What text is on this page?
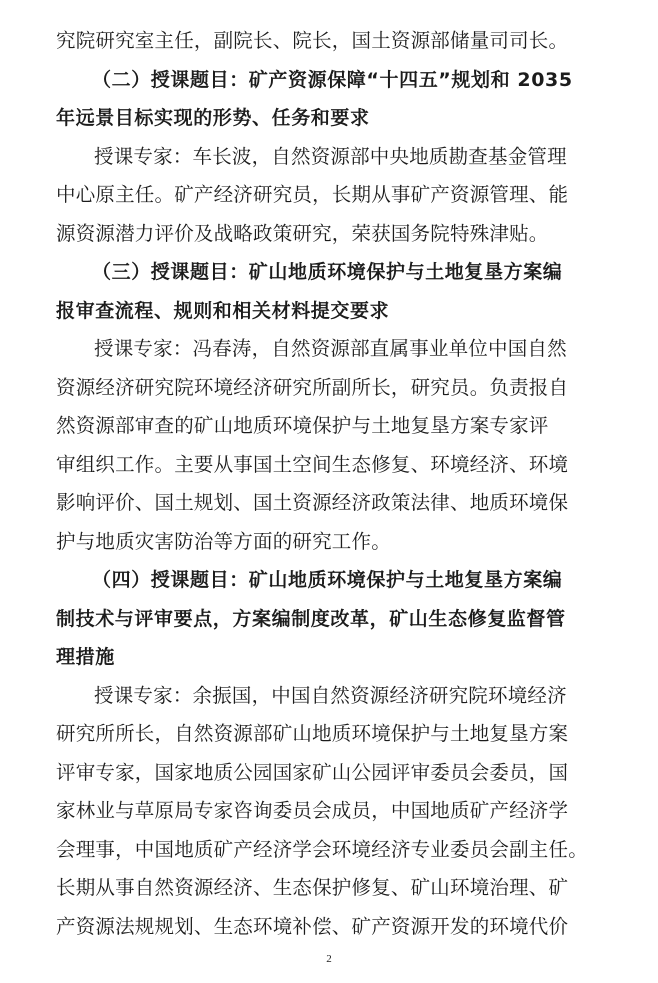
究院研究室主任，副院长、院长，国土资源部储量司司长。
（二）授课题目：矿产资源保障“十四五”规划和 2035
年远景目标实现的形势、任务和要求
授课专家：车长波，自然资源部中央地质勘查基金管理
中心原主任。矿产经济研究员，长期从事矿产资源管理、能
源资源潜力评价及战略政策研究，荣获国务院特殊津贴。
（三）授课题目：矿山地质环境保护与土地复垦方案编
报审查流程、规则和相关材料提交要求
授课专家：冯春涛，自然资源部直属事业单位中国自然
资源经济研究院环境经济研究所副所长，研究员。负责报自
然资源部审查的矿山地质环境保护与土地复垦方案专家评
审组织工作。主要从事国土空间生态修复、环境经济、环境
影响评价、国土规划、国土资源经济政策法律、地质环境保
护与地质灾害防治等方面的研究工作。
（四）授课题目：矿山地质环境保护与土地复垦方案编
制技术与评审要点，方案编制度改革，矿山生态修复监督管
理措施
授课专家：余振国，中国自然资源经济研究院环境经济
研究所所长，自然资源部矿山地质环境保护与土地复垦方案
评审专家，国家地质公园国家矿山公园评审委员会委员，国
家林业与草原局专家咨询委员会成员，中国地质矿产经济学
会理事，中国地质矿产经济学会环境经济专业委员会副主任。
长期从事自然资源经济、生态保护修复、矿山环境治理、矿
产资源法规规划、生态环境补偿、矿产资源开发的环境代价
2
